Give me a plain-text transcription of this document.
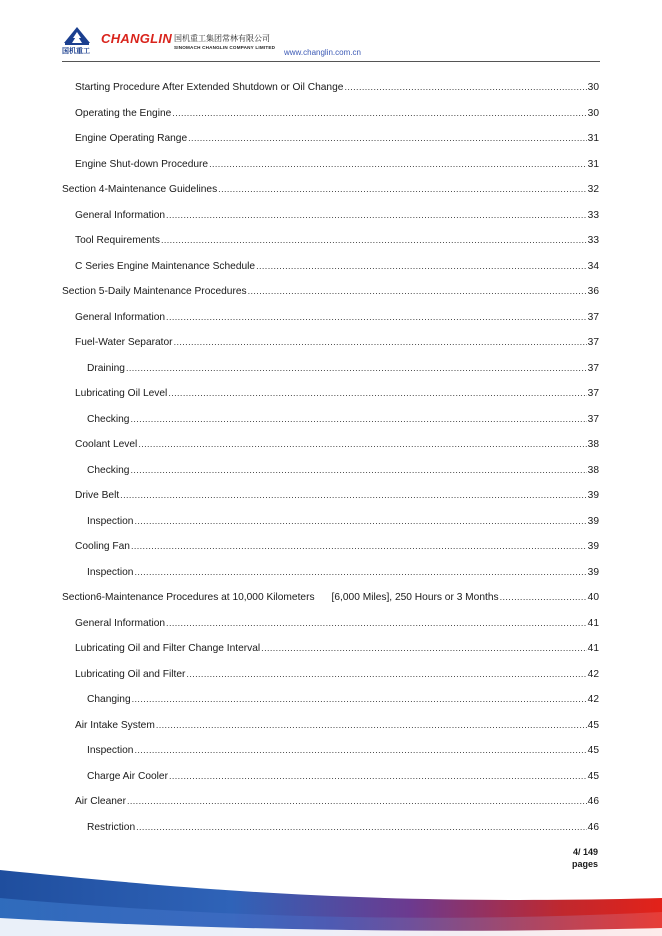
国机重工
CHANGLIN 国机重工集团常林有限公司
SINOMACH CHANGLIN COMPANY LIMITED
www.changlin.com.cn
Starting Procedure After Extended Shutdown or Oil Change .....	30
Operating the Engine .....	30
Engine Operating Range .....	31
Engine Shut-down Procedure .....	31
Section 4-Maintenance Guidelines .....	32
General Information .....	33
Tool Requirements .....	33
C Series Engine Maintenance Schedule .....	34
Section 5-Daily Maintenance Procedures .....	36
General Information .....	37
Fuel-Water Separator .....	37
Draining .....	37
Lubricating Oil Level .....	37
Checking .....	37
Coolant Level .....	38
Checking .....	38
Drive Belt .....	39
Inspection .....	39
Cooling Fan .....	39
Inspection .....	39
Section6-Maintenance Procedures at 10,000 Kilometers      [6,000 Miles], 250 Hours or 3 Months .....	40
General Information .....	41
Lubricating Oil and Filter Change Interval .....	41
Lubricating Oil and Filter .....	42
Changing .....	42
Air Intake System .....	45
Inspection .....	45
Charge Air Cooler .....	45
Air Cleaner .....	46
Restriction .....	46
4/ 149
pages
